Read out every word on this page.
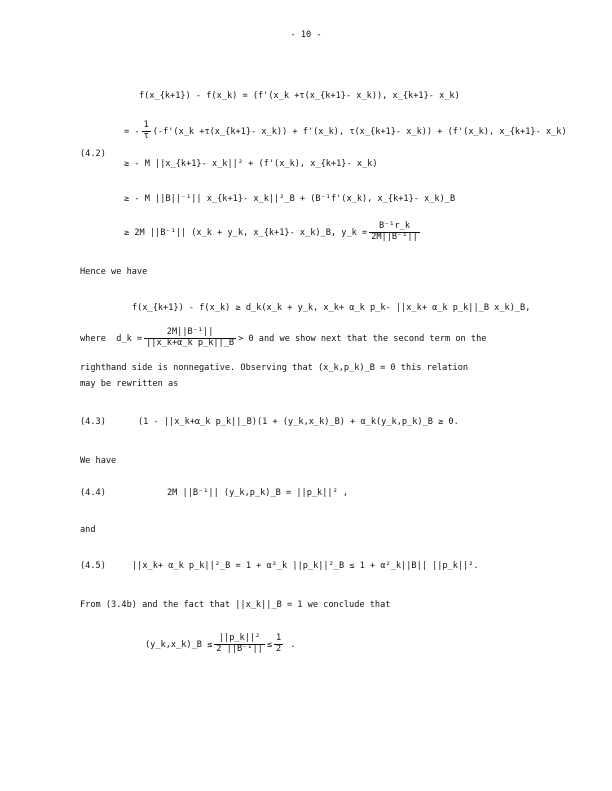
- 10 -
f(x_{k+1}) - f(x_k) = (f'(x_k +τ(x_{k+1}- x_k)), x_{k+1}- x_k)
= - $\frac{1}{\tau}$ (-f'(x_k +τ(x_{k+1}- x_k)) + f'(x_k), τ(x_{k+1}- x_k)) + (f'(x_k), x_{k+1}- x_k)
(4.2)
≥ - M ||x_{k+1}- x_k||² + (f'(x_k), x_{k+1}- x_k)
≥ - M ||B||⁻¹|| x_{k+1}- x_k||²_B + (B⁻¹f'(x_k), x_{k+1}- x_k)_B
≥ 2M ||B⁻¹|| (x_k + y_k, x_{k+1}- x_k)_B, y_k = $\frac{\text{B⁻¹r\_k}}{\text{2M||B⁻¹||}}$
Hence we have
f(x_{k+1}) - f(x_k) ≥ d_k(x_k + y_k, x_k+ α_k p_k- ||x_k+ α_k p_k||_B x_k)_B,
where d_k = $\frac{\text{2M||B⁻¹||}}{\text{||x\_k+α\_k p\_k||\_B}} > 0$ and we show next that the second term on the
righthand side is nonnegative. Observing that (x_k,p_k)_B = 0 this relation
may be rewritten as
(4.3)	(1 - ||x_k+α_k p_k||_B)(1 + (y_k,x_k)_B) + α_k(y_k,p_k)_B ≥ 0.
We have
(4.4)	2M ||B⁻¹|| (y_k,p_k)_B = ||p_k||² ,
and
(4.5)	||x_k+ α_k p_k||²_B = 1 + α²_k ||p_k||²_B ≤ 1 + α²_k||B|| ||p_k||².
From (3.4b) and the fact that ||x_k||_B = 1 we conclude that
(y_k,x_k)_B ≤ $\frac{\text{||p\_k||²}}{\text{2 ||B⁻¹||}} \le \frac{1}{2}$ .
